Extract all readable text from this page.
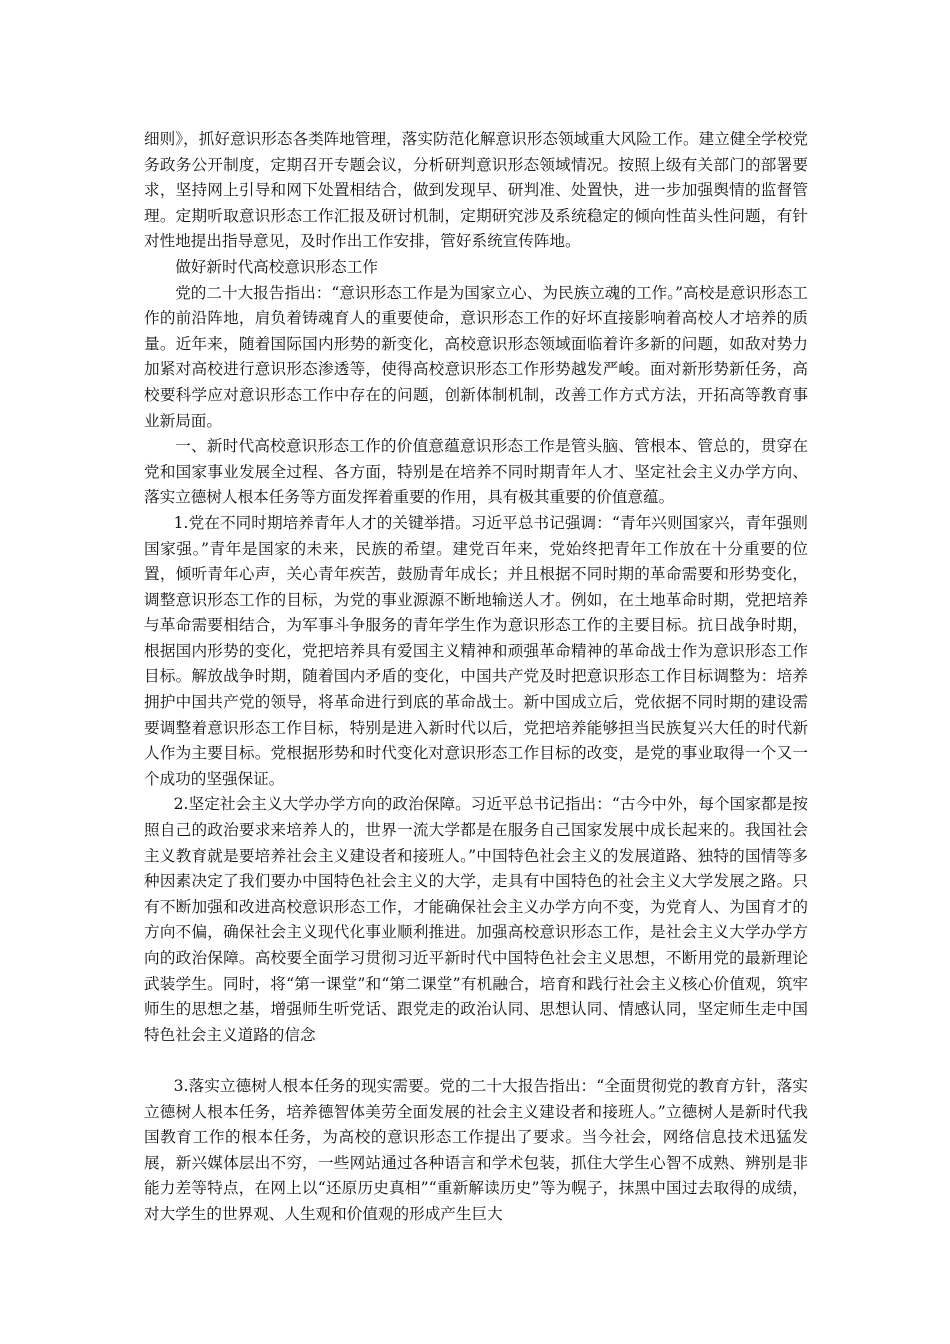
细则》，抓好意识形态各类阵地管理，落实防范化解意识形态领域重大风险工作。建立健全学校党务政务公开制度，定期召开专题会议，分析研判意识形态领域情况。按照上级有关部门的部署要求，坚持网上引导和网下处置相结合，做到发现早、研判准、处置快，进一步加强舆情的监督管理。定期听取意识形态工作汇报及研讨机制，定期研究涉及系统稳定的倾向性苗头性问题，有针对性地提出指导意见，及时作出工作安排，管好系统宣传阵地。

做好新时代高校意识形态工作

党的二十大报告指出：“意识形态工作是为国家立心、为民族立魂的工作。”高校是意识形态工作的前沿阵地，肩负着铸魂育人的重要使命，意识形态工作的好坏直接影响着高校人才培养的质量。近年来，随着国际国内形势的新变化，高校意识形态领域面临着许多新的问题，如敌对势力加紧对高校进行意识形态渗透等，使得高校意识形态工作形势越发严峻。面对新形势新任务，高校要科学应对意识形态工作中存在的问题，创新体制机制，改善工作方式方法，开拓高等教育事业新局面。

一、新时代高校意识形态工作的价值意蕴意识形态工作是管头脑、管根本、管总的，贯穿在党和国家事业发展全过程、各方面，特别是在培养不同时期青年人才、坚定社会主义办学方向、落实立德树人根本任务等方面发挥着重要的作用，具有极其重要的价值意蕴。

1.党在不同时期培养青年人才的关键举措。习近平总书记强调：“青年兴则国家兴，青年强则国家强。”青年是国家的未来，民族的希望。建党百年来，党始终把青年工作放在十分重要的位置，倾听青年心声，关心青年疾苦，鼓励青年成长；并且根据不同时期的革命需要和形势变化，调整意识形态工作的目标，为党的事业源源不断地输送人才。例如，在土地革命时期，党把培养与革命需要相结合，为军事斗争服务的青年学生作为意识形态工作的主要目标。抗日战争时期，根据国内形势的变化，党把培养具有爱国主义精神和顽强革命精神的革命战士作为意识形态工作目标。解放战争时期，随着国内矛盾的变化，中国共产党及时把意识形态工作目标调整为：培养拥护中国共产党的领导，将革命进行到底的革命战士。新中国成立后，党依据不同时期的建设需要调整着意识形态工作目标，特别是进入新时代以后，党把培养能够担当民族复兴大任的时代新人作为主要目标。党根据形势和时代变化对意识形态工作目标的改变，是党的事业取得一个又一个成功的坚强保证。

2.坚定社会主义大学办学方向的政治保障。习近平总书记指出：“古今中外，每个国家都是按照自己的政治要求来培养人的，世界一流大学都是在服务自己国家发展中成长起来的。我国社会主义教育就是要培养社会主义建设者和接班人。”中国特色社会主义的发展道路、独特的国情等多种因素决定了我们要办中国特色社会主义的大学，走具有中国特色的社会主义大学发展之路。只有不断加强和改进高校意识形态工作，才能确保社会主义办学方向不变，为党育人、为国育才的方向不偏，确保社会主义现代化事业顺利推进。加强高校意识形态工作，是社会主义大学办学方向的政治保障。高校要全面学习贯彻习近平新时代中国特色社会主义思想，不断用党的最新理论武装学生。同时，将“第一课堂”和“第二课堂”有机融合，培育和践行社会主义核心价值观，筑牢师生的思想之基，增强师生听党话、跟党走的政治认同、思想认同、情感认同，坚定师生走中国特色社会主义道路的信念

3.落实立德树人根本任务的现实需要。党的二十大报告指出：“全面贯彻党的教育方针，落实立德树人根本任务，培养德智体美劳全面发展的社会主义建设者和接班人。”立德树人是新时代我国教育工作的根本任务，为高校的意识形态工作提出了要求。当今社会，网络信息技术迅猛发展，新兴媒体层出不穷，一些网站通过各种语言和学术包装，抓住大学生心智不成熟、辨别是非能力差等特点，在网上以“还原历史真相”“重新解读历史”等为幌子，抹黑中国过去取得的成绩，对大学生的世界观、人生观和价值观的形成产生巨大
